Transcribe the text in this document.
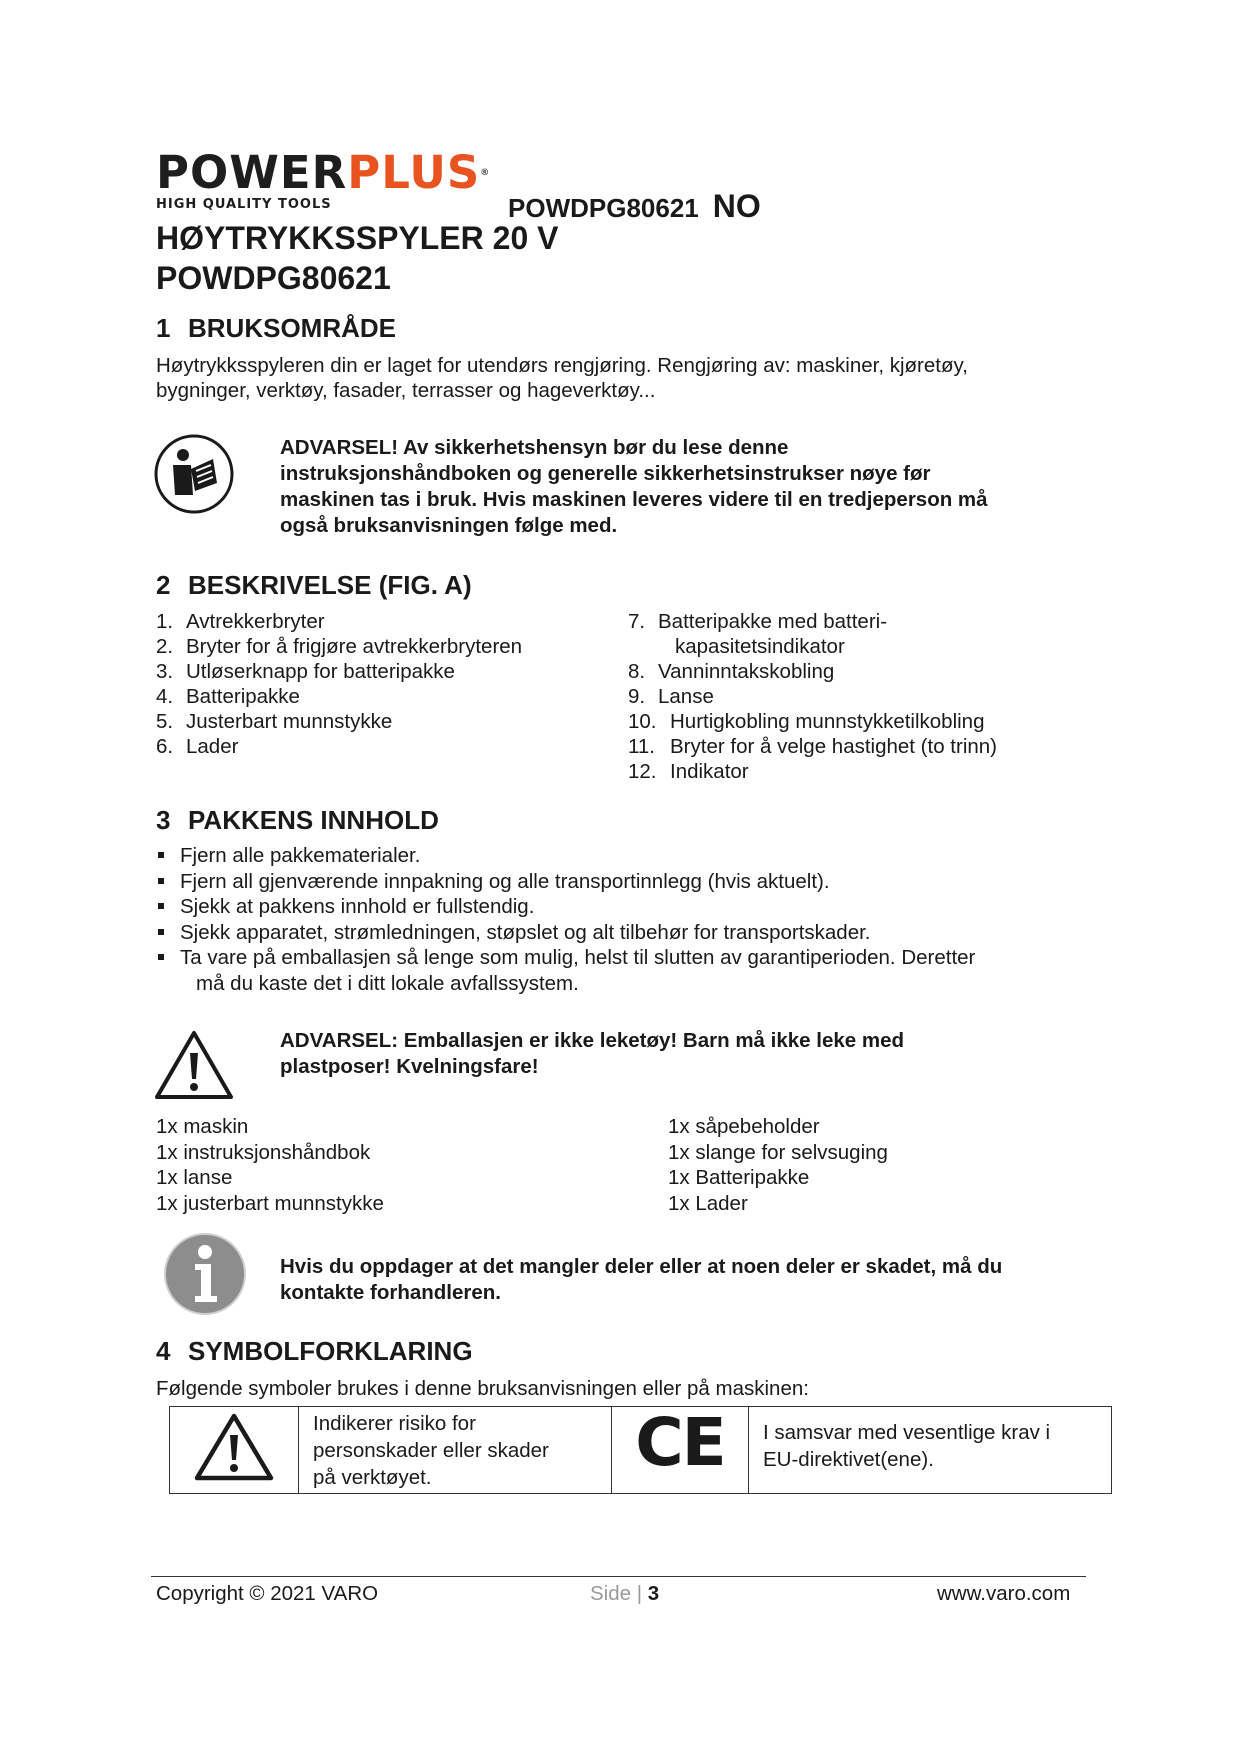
POWERPLUS®
HIGH QUALITY TOOLS	POWDPG80621 NO
HØYTRYKKSSPYLER 20 V
POWDPG80621
1 BRUKSOMRÅDE
Høytrykksspyleren din er laget for utendørs rengjøring. Rengjøring av: maskiner, kjøretøy,
bygninger, verktøy, fasader, terrasser og hageverktøy...
ADVARSEL! Av sikkerhetshensyn bør du lese denne
instruksjonshåndboken og generelle sikkerhetsinstrukser nøye før
maskinen tas i bruk. Hvis maskinen leveres videre til en tredjeperson må
også bruksanvisningen følge med.
2 BESKRIVELSE (FIG. A)
1. Avtrekkerbryter
2. Bryter for å frigjøre avtrekkerbryteren
3. Utløserknapp for batteripakke
4. Batteripakke
5. Justerbart munnstykke
6. Lader
7. Batteripakke med batteri-
kapasitetsindikator
8. Vanninntakskobling
9. Lanse
10. Hurtigkobling munnstykketilkobling
11. Bryter for å velge hastighet (to trinn)
12. Indikator
3 PAKKENS INNHOLD
Fjern alle pakkematerialer.
Fjern all gjenværende innpakning og alle transportinnlegg (hvis aktuelt).
Sjekk at pakkens innhold er fullstendig.
Sjekk apparatet, strømledningen, støpslet og alt tilbehør for transportskader.
Ta vare på emballasjen så lenge som mulig, helst til slutten av garantiperioden. Deretter
må du kaste det i ditt lokale avfallssystem.
ADVARSEL: Emballasjen er ikke leketøy! Barn må ikke leke med
plastposer! Kvelningsfare!
1x maskin
1x instruksjonshåndbok
1x lanse
1x justerbart munnstykke
1x såpebeholder
1x slange for selvsuging
1x Batteripakke
1x Lader
Hvis du oppdager at det mangler deler eller at noen deler er skadet, må du
kontakte forhandleren.
4 SYMBOLFORKLARING
Følgende symboler brukes i denne bruksanvisningen eller på maskinen:

Indikerer risiko for
personskader eller skader
på verktøyet.	CE	I samsvar med vesentlige krav i
EU-direktivet(ene).
Copyright © 2021 VARO	Side | 3	www.varo.com
